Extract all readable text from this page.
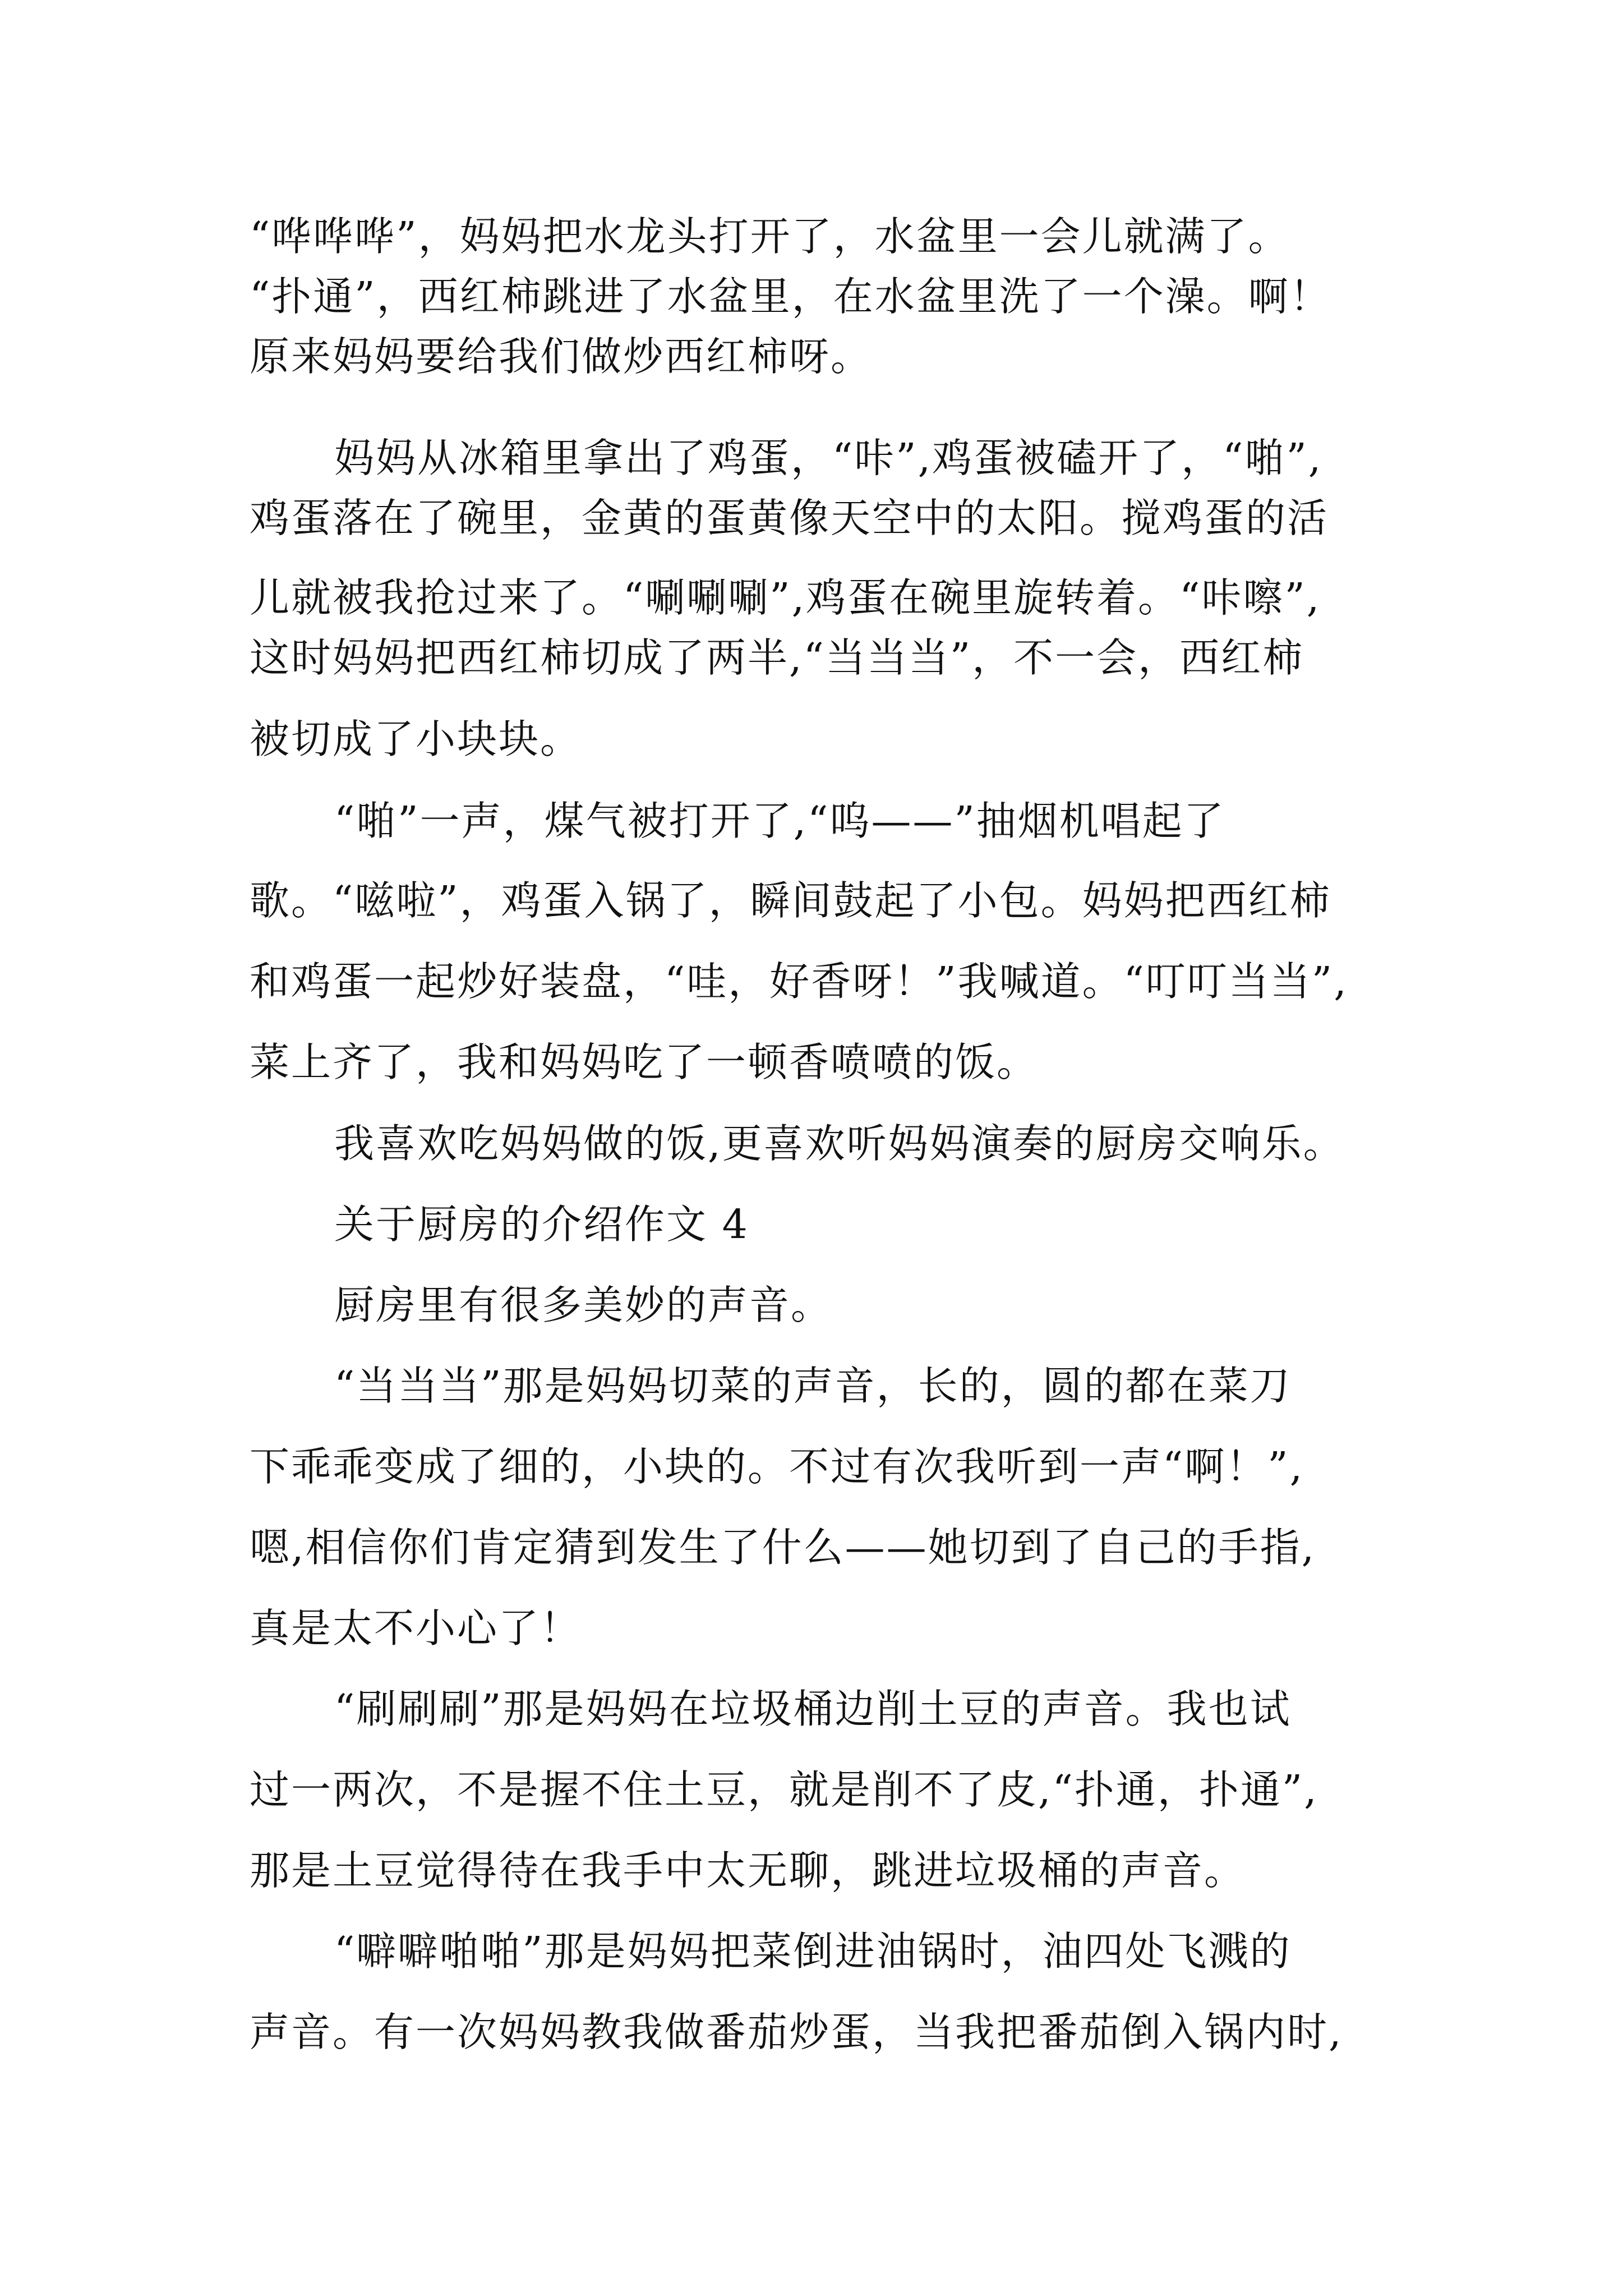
“哗哗哗”，妈妈把水龙头打开了，水盆里一会儿就满了。
“扑通”，西红柿跳进了水盆里，在水盆里洗了一个澡。啊！
原来妈妈要给我们做炒西红柿呀。
妈妈从冰箱里拿出了鸡蛋，“咔”,鸡蛋被磕开了，“啪”,
鸡蛋落在了碗里，金黄的蛋黄像天空中的太阳。搅鸡蛋的活
儿就被我抢过来了。“唰唰唰”,鸡蛋在碗里旋转着。“咔嚓”,
这时妈妈把西红柿切成了两半,“当当当”，不一会，西红柿
被切成了小块块。
“啪”一声，煤气被打开了,“呜——”抽烟机唱起了
歌。“嗞啦”，鸡蛋入锅了，瞬间鼓起了小包。妈妈把西红柿
和鸡蛋一起炒好装盘，“哇，好香呀！”我喊道。“叮叮当当”,
菜上齐了，我和妈妈吃了一顿香喷喷的饭。
我喜欢吃妈妈做的饭,更喜欢听妈妈演奏的厨房交响乐。
关于厨房的介绍作文 4
厨房里有很多美妙的声音。
“当当当”那是妈妈切菜的声音，长的，圆的都在菜刀
下乖乖变成了细的，小块的。不过有次我听到一声“啊！”,
嗯,相信你们肯定猜到发生了什么——她切到了自己的手指,
真是太不小心了！
“刷刷刷”那是妈妈在垃圾桶边削土豆的声音。我也试
过一两次，不是握不住土豆，就是削不了皮,“扑通，扑通”,
那是土豆觉得待在我手中太无聊，跳进垃圾桶的声音。
“噼噼啪啪”那是妈妈把菜倒进油锅时，油四处飞溅的
声音。有一次妈妈教我做番茄炒蛋，当我把番茄倒入锅内时,
